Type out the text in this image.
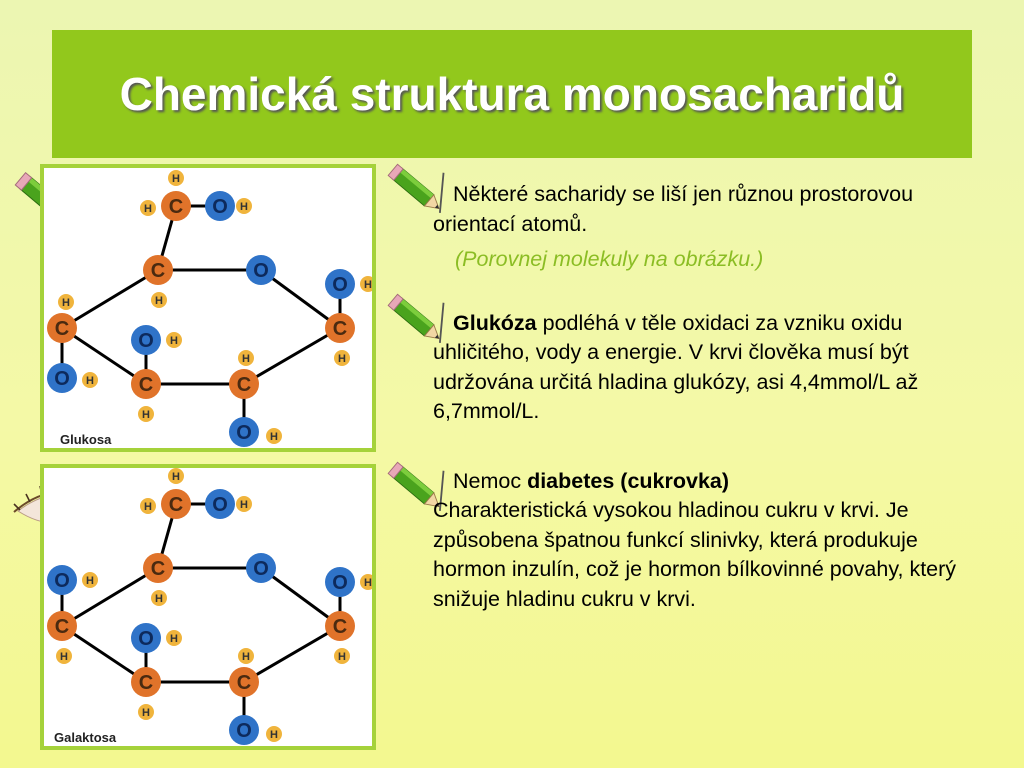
Chemická struktura monosacharidů
H
H	H
H
H
H
H
H
H
H
H
H
C
C
C
C	C
C
O
O
O
O
O
O
Glukosa
H
H	H
H
H
H
H
H
H
H
H
H
C
C
C
C	C
C
O
O
O
O
O
O
Galaktosa
Některé sacharidy se liší jen různou prostorovou orientací atomů.
(Porovnej molekuly na obrázku.)
Glukóza podléhá v těle oxidaci za vzniku oxidu uhličitého, vody a energie. V krvi člověka musí být udržována určitá hladina glukózy, asi 4,4mmol/L až 6,7mmol/L.
Nemoc diabetes (cukrovka)
Charakteristická vysokou hladinou cukru v krvi. Je způsobena špatnou funkcí slinivky, která produkuje hormon inzulín, což je hormon bílkovinné povahy, který snižuje hladinu cukru v krvi.
